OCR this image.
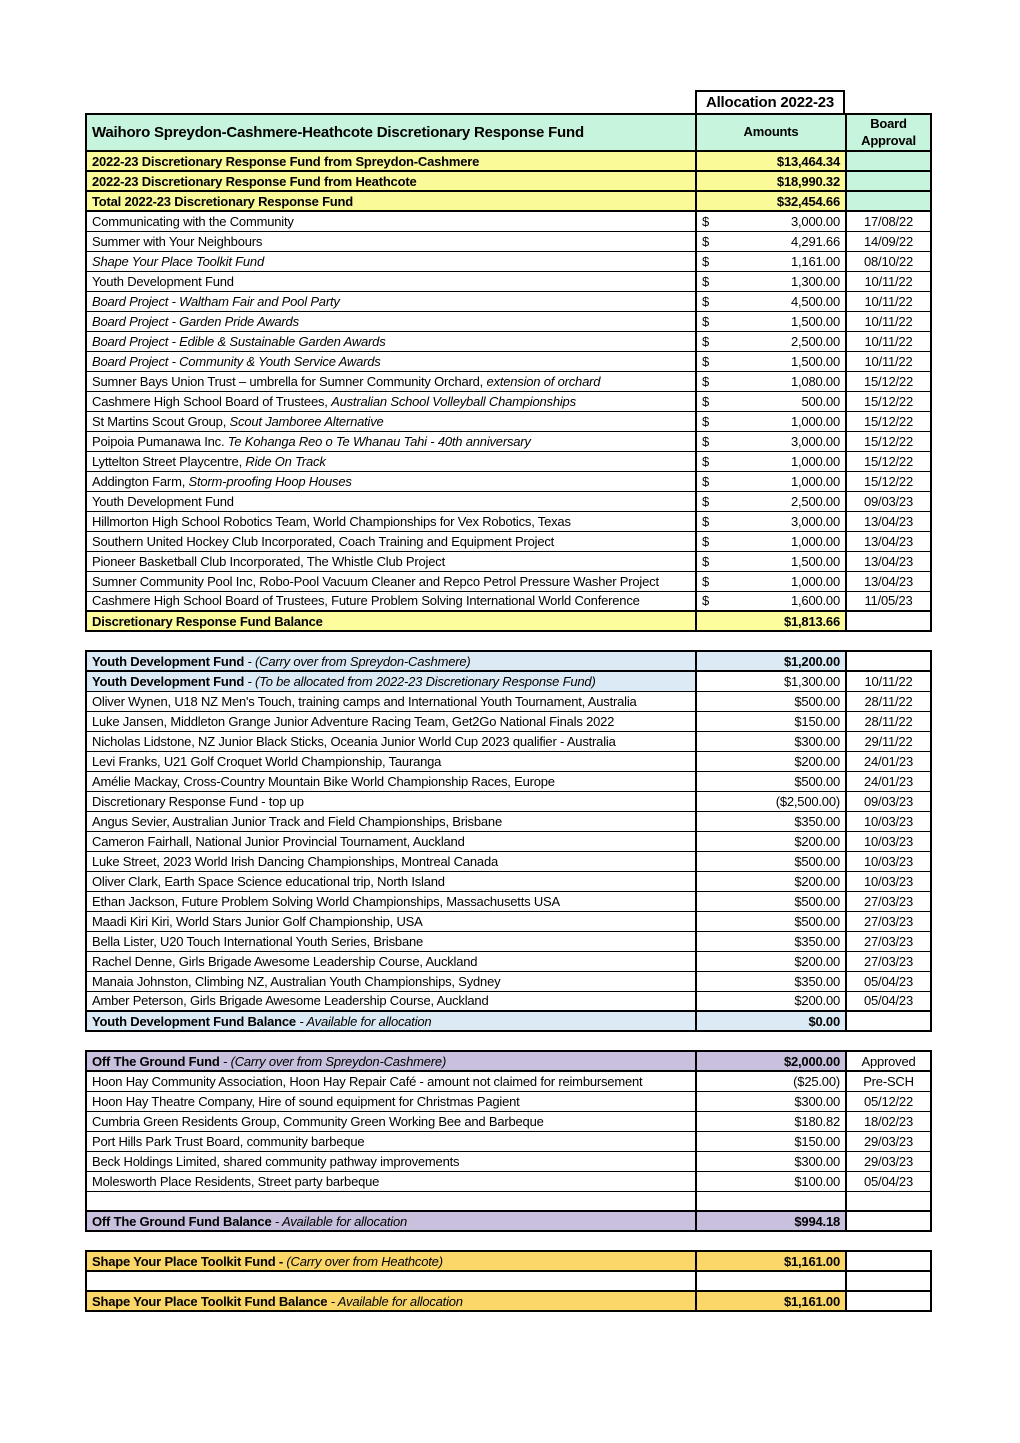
Allocation 2022-23
Waihoro Spreydon-Cashmere-Heathcote Discretionary Response Fund	Amounts	Board
Approval

2022-23 Discretionary Response Fund from Spreydon-Cashmere	$13,464.34	
2022-23 Discretionary Response Fund from Heathcote	$18,990.32	
Total 2022-23 Discretionary Response Fund	$32,454.66	
Communicating with the Community	$ 3,000.00	17/08/22
Summer with Your Neighbours	$ 4,291.66	14/09/22
Shape Your Place Toolkit Fund	$ 1,161.00	08/10/22
Youth Development Fund	$ 1,300.00	10/11/22
Board Project - Waltham Fair and Pool Party	$ 4,500.00	10/11/22
Board Project - Garden Pride Awards	$ 1,500.00	10/11/22
Board Project - Edible & Sustainable Garden Awards	$ 2,500.00	10/11/22
Board Project - Community & Youth Service Awards	$ 1,500.00	10/11/22
Sumner Bays Union Trust – umbrella for Sumner Community Orchard, extension of orchard	$ 1,080.00	15/12/22
Cashmere High School Board of Trustees, Australian School Volleyball Championships	$ 500.00	15/12/22
St Martins Scout Group, Scout Jamboree Alternative	$ 1,000.00	15/12/22
Poipoia Pumanawa Inc. Te Kohanga Reo o Te Whanau Tahi - 40th anniversary	$ 3,000.00	15/12/22
Lyttelton Street Playcentre, Ride On Track	$ 1,000.00	15/12/22
Addington Farm, Storm-proofing Hoop Houses	$ 1,000.00	15/12/22
Youth Development Fund	$ 2,500.00	09/03/23
Hillmorton High School Robotics Team, World Championships for Vex Robotics, Texas	$ 3,000.00	13/04/23
Southern United Hockey Club Incorporated, Coach Training and Equipment Project	$ 1,000.00	13/04/23
Pioneer Basketball Club Incorporated, The Whistle Club Project	$ 1,500.00	13/04/23
Sumner Community Pool Inc, Robo-Pool Vacuum Cleaner and Repco Petrol Pressure Washer Project	$ 1,000.00	13/04/23
Cashmere High School Board of Trustees, Future Problem Solving International World Conference	$ 1,600.00	11/05/23
Discretionary Response Fund Balance	$1,813.66	
Youth Development Fund - (Carry over from Spreydon-Cashmere)	$1,200.00	
Youth Development Fund - (To be allocated from 2022-23 Discretionary Response Fund)	$1,300.00	10/11/22
Oliver Wynen, U18 NZ Men's Touch, training camps and International Youth Tournament, Australia	$500.00	28/11/22
Luke Jansen, Middleton Grange Junior Adventure Racing Team, Get2Go National Finals 2022	$150.00	28/11/22
Nicholas Lidstone, NZ Junior Black Sticks, Oceania Junior World Cup 2023 qualifier - Australia	$300.00	29/11/22
Levi Franks, U21 Golf Croquet World Championship, Tauranga	$200.00	24/01/23
Amélie Mackay, Cross-Country Mountain Bike World Championship Races, Europe	$500.00	24/01/23
Discretionary Response Fund - top up	($2,500.00)	09/03/23
Angus Sevier, Australian Junior Track and Field Championships, Brisbane	$350.00	10/03/23
Cameron Fairhall, National Junior Provincial Tournament, Auckland	$200.00	10/03/23
Luke Street, 2023 World Irish Dancing Championships, Montreal Canada	$500.00	10/03/23
Oliver Clark, Earth Space Science educational trip, North Island	$200.00	10/03/23
Ethan Jackson, Future Problem Solving World Championships, Massachusetts USA	$500.00	27/03/23
Maadi Kiri Kiri, World Stars Junior Golf Championship, USA	$500.00	27/03/23
Bella Lister, U20 Touch International Youth Series, Brisbane	$350.00	27/03/23
Rachel Denne, Girls Brigade Awesome Leadership Course, Auckland	$200.00	27/03/23
Manaia Johnston, Climbing NZ, Australian Youth Championships, Sydney	$350.00	05/04/23
Amber Peterson, Girls Brigade Awesome Leadership Course, Auckland	$200.00	05/04/23
Youth Development Fund Balance - Available for allocation	$0.00	
Off The Ground Fund - (Carry over from Spreydon-Cashmere)	$2,000.00	Approved
Hoon Hay Community Association, Hoon Hay Repair Café - amount not claimed for reimbursement	($25.00)	Pre-SCH
Hoon Hay Theatre Company, Hire of sound equipment for Christmas Pagient	$300.00	05/12/22
Cumbria Green Residents Group, Community Green Working Bee and Barbeque	$180.82	18/02/23
Port Hills Park Trust Board, community barbeque	$150.00	29/03/23
Beck Holdings Limited, shared community pathway improvements	$300.00	29/03/23
Molesworth Place Residents, Street party barbeque	$100.00	05/04/23

Off The Ground Fund Balance - Available for allocation	$994.18	
Shape Your Place Toolkit Fund - (Carry over from Heathcote)	$1,161.00	

Shape Your Place Toolkit Fund Balance - Available for allocation	$1,161.00	
